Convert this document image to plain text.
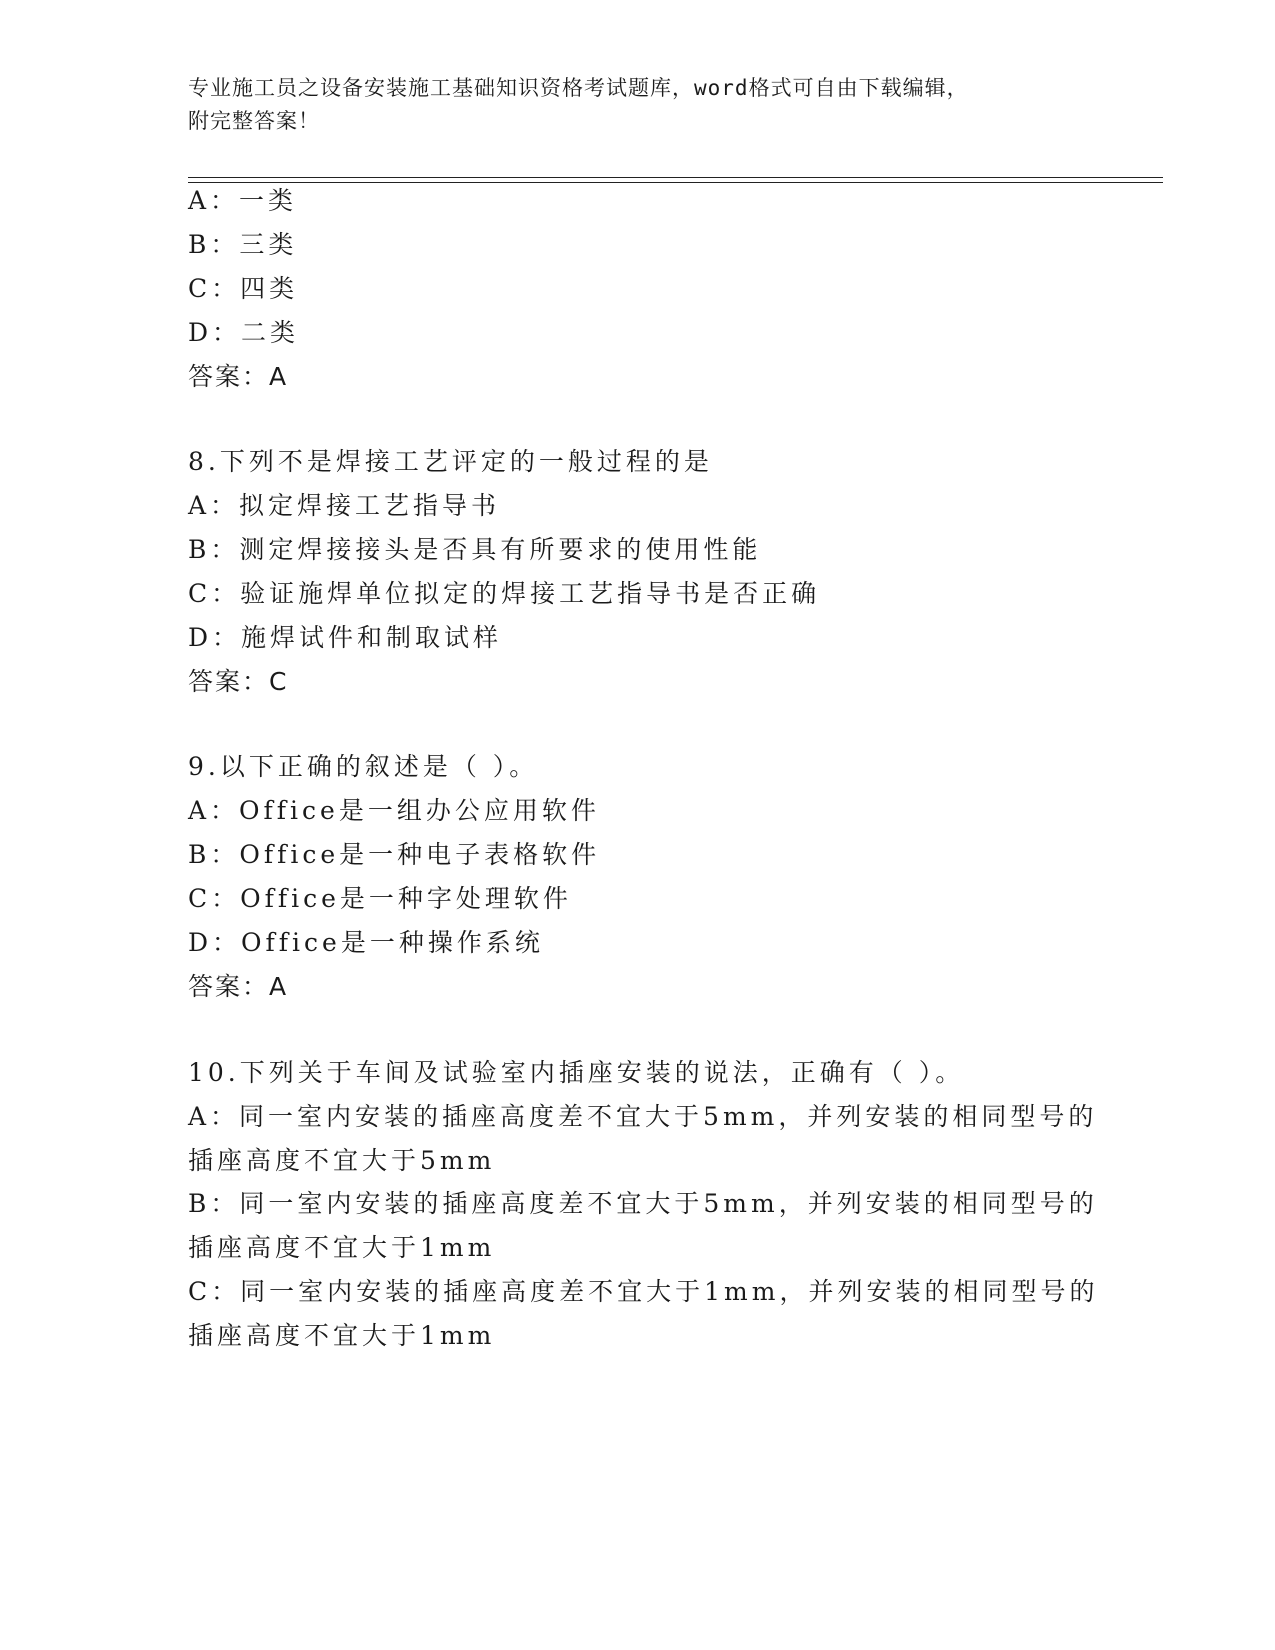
专业施工员之设备安装施工基础知识资格考试题库，word格式可自由下载编辑，
附完整答案！
A：一类
B：三类
C：四类
D：二类
答案：A
8.下列不是焊接工艺评定的一般过程的是
A：拟定焊接工艺指导书
B：测定焊接接头是否具有所要求的使用性能
C：验证施焊单位拟定的焊接工艺指导书是否正确
D：施焊试件和制取试样
答案：C
9.以下正确的叙述是（ ）。
A：Office是一组办公应用软件
B：Office是一种电子表格软件
C：Office是一种字处理软件
D：Office是一种操作系统
答案：A
10.下列关于车间及试验室内插座安装的说法，正确有（ ）。
A：同一室内安装的插座高度差不宜大于5mm，并列安装的相同型号的
插座高度不宜大于5mm
B：同一室内安装的插座高度差不宜大于5mm，并列安装的相同型号的
插座高度不宜大于1mm
C：同一室内安装的插座高度差不宜大于1mm，并列安装的相同型号的
插座高度不宜大于1mm
